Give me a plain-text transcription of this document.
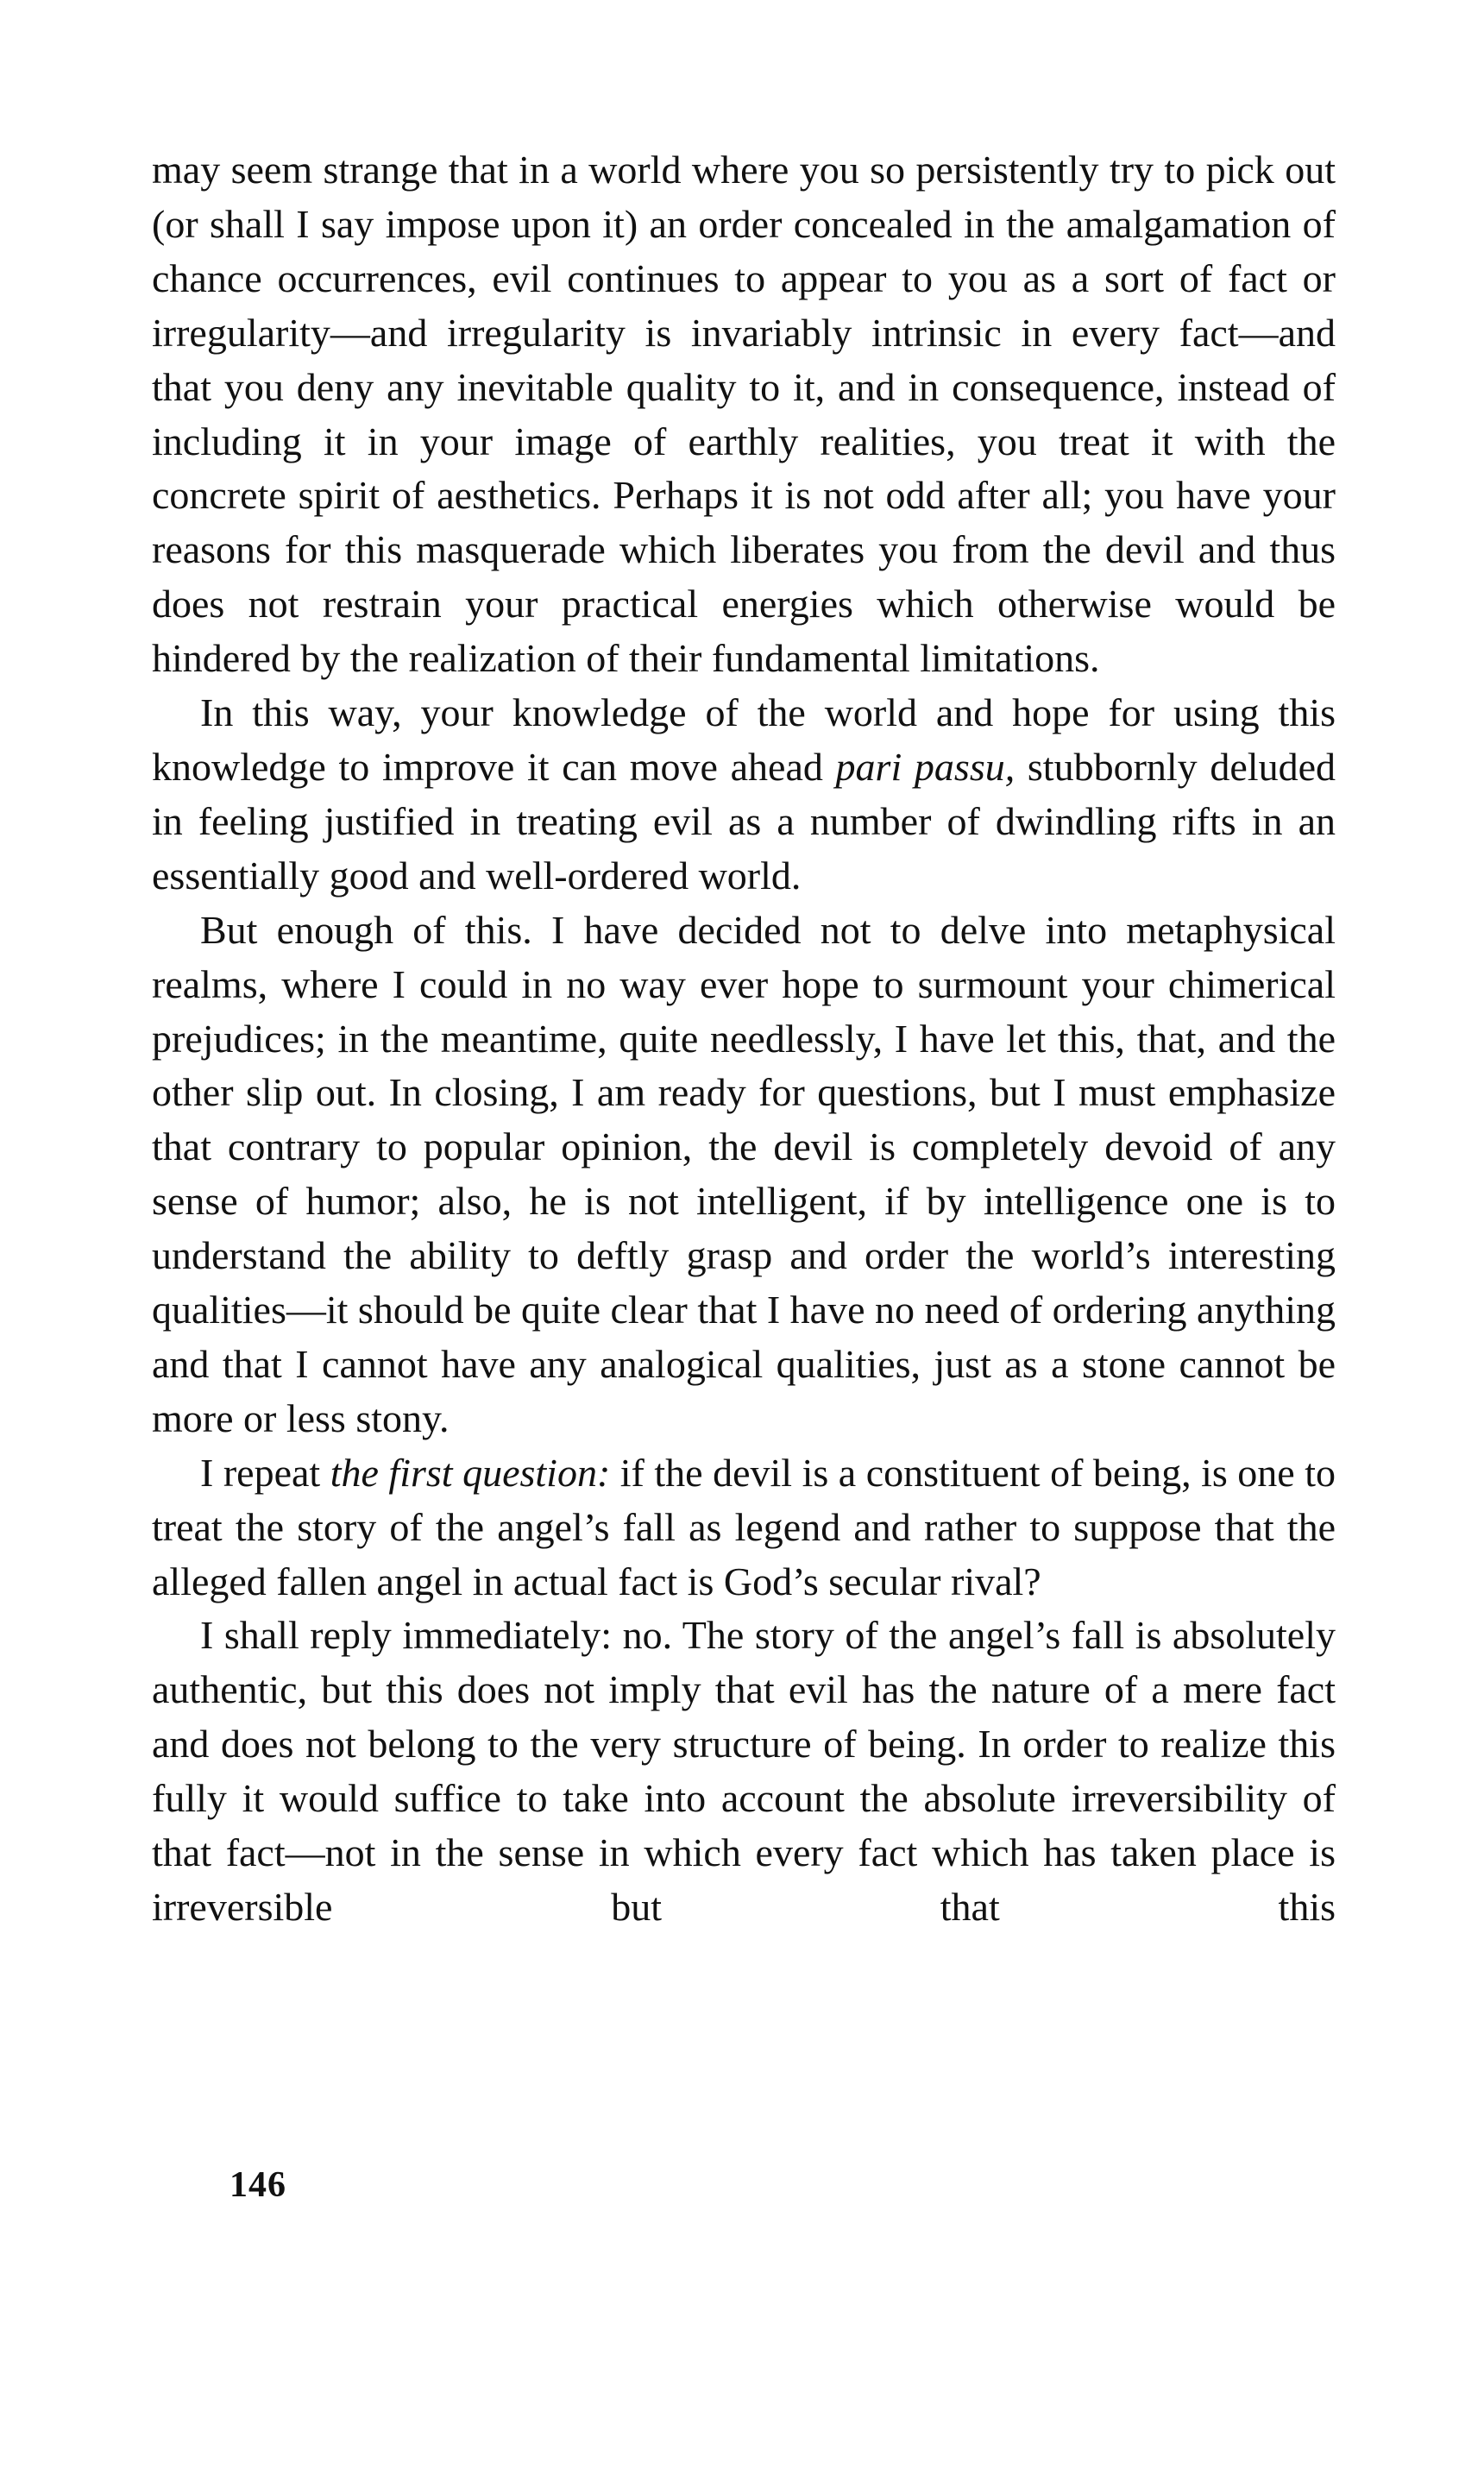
may seem strange that in a world where you so persistently try to pick out (or shall I say impose upon it) an order concealed in the amalgamation of chance occurrences, evil continues to appear to you as a sort of fact or irregularity—and irregularity is invariably intrinsic in every fact—and that you deny any inevitable quality to it, and in consequence, instead of including it in your image of earthly realities, you treat it with the concrete spirit of aesthetics. Perhaps it is not odd after all; you have your reasons for this masquerade which liberates you from the devil and thus does not restrain your practical energies which otherwise would be hindered by the realization of their fundamental limitations.

In this way, your knowledge of the world and hope for using this knowledge to improve it can move ahead pari passu, stubbornly deluded in feeling justified in treating evil as a number of dwindling rifts in an essentially good and well-ordered world.

But enough of this. I have decided not to delve into metaphysical realms, where I could in no way ever hope to surmount your chimerical prejudices; in the meantime, quite needlessly, I have let this, that, and the other slip out. In closing, I am ready for questions, but I must emphasize that contrary to popular opinion, the devil is completely devoid of any sense of humor; also, he is not intelligent, if by intelligence one is to understand the ability to deftly grasp and order the world’s interesting qualities—it should be quite clear that I have no need of ordering anything and that I cannot have any analogical qualities, just as a stone cannot be more or less stony.

I repeat the first question: if the devil is a constituent of being, is one to treat the story of the angel’s fall as legend and rather to suppose that the alleged fallen angel in actual fact is God’s secular rival?

I shall reply immediately: no. The story of the angel’s fall is absolutely authentic, but this does not imply that evil has the nature of a mere fact and does not belong to the very structure of being. In order to realize this fully it would suffice to take into account the absolute irreversibility of that fact—not in the sense in which every fact which has taken place is irreversible but that this

146
